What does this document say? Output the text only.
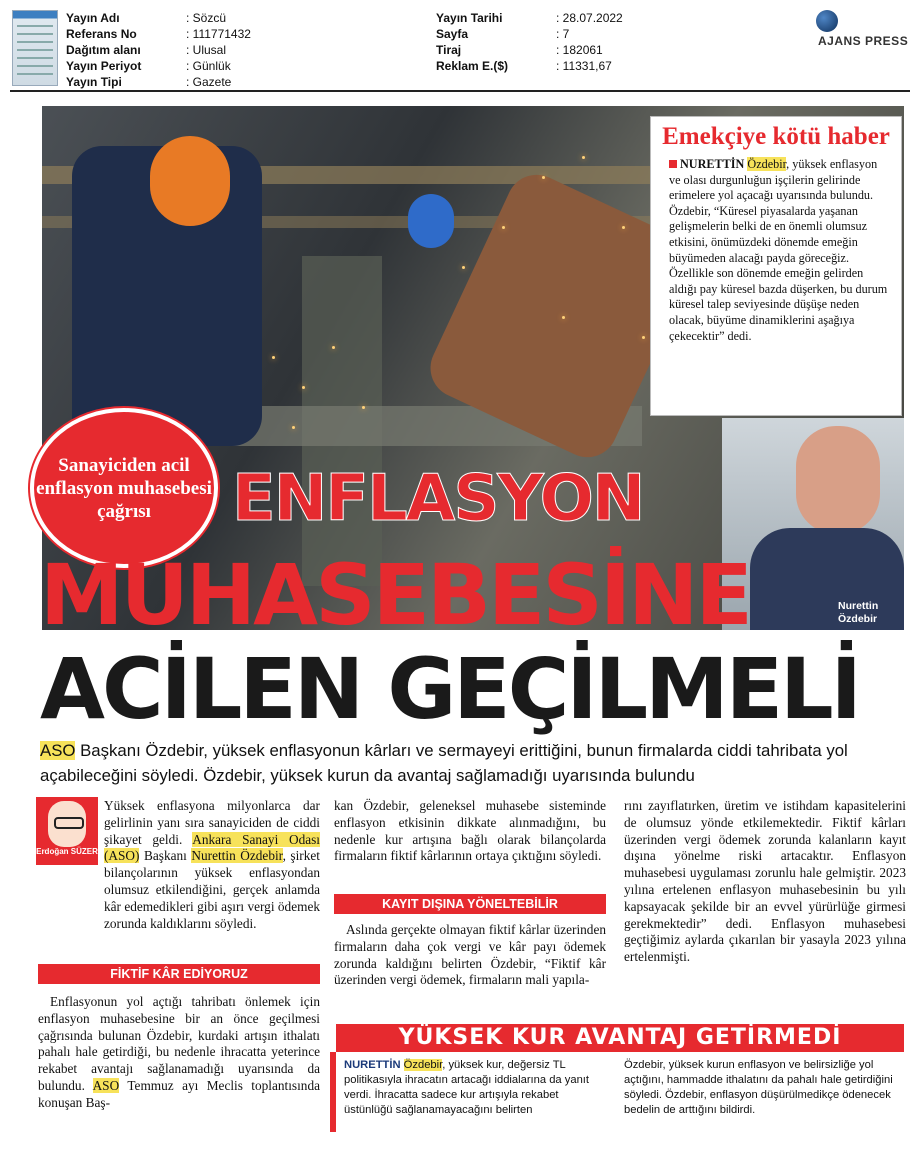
Yayın Adı	: Sözcü
Referans No	: 111771432
Dağıtım alanı	: Ulusal
Yayın Periyot	: Günlük
Yayın Tipi	: Gazete
Yayın Tarihi	: 28.07.2022
Sayfa	: 7
Tiraj	: 182061
Reklam E.($)	: 11331,67
AJANS PRESS
Emekçiye kötü haber

NURETTİN Özdebir, yüksek enflasyon ve olası durgunluğun işçilerin gelirinde erimelere yol açacağı uyarısında bulundu. Özdebir, “Küresel piyasalarda yaşanan gelişmelerin belki de en önemli olumsuz etkisini, önümüzdeki dönemde emeğin büyümeden alacağı payda göreceğiz. Özellikle son dönemde emeğin gelirden aldığı pay küresel bazda düşerken, bu durum küresel talep seviyesinde düşüşe neden olacak, büyüme dinamiklerini aşağıya çekecektir” dedi.

Sanayiciden acil enflasyon muhasebesi çağrısı
Nurettin Özdebir
ENFLASYON
MUHASEBESİNE
ACİLEN GEÇİLMELİ
ASO Başkanı Özdebir, yüksek enflasyonun kârları ve sermayeyi erittiğini, bunun firmalarda ciddi tahribata yol açabileceğini söyledi. Özdebir, yüksek kurun da avantaj sağlamadığı uyarısında bulundu
Erdoğan SÜZER
Yüksek enflasyona milyonlarca dar gelirlinin yanı sıra sanayiciden de ciddi şikayet geldi. Ankara Sanayi Odası (ASO) Başkanı Nurettin Özdebir, şirket bilançolarının yüksek enflasyondan olumsuz etkilendiğini, gerçek anlamda kâr edemedikleri gibi aşırı vergi ödemek zorunda kaldıklarını söyledi.
FİKTİF KÂR EDİYORUZ
Enflasyonun yol açtığı tahribatı önlemek için enflasyon muhasebesine bir an önce geçilmesi çağrısında bulunan Özdebir, kurdaki artışın ithalatı pahalı hale getirdiği, bu nedenle ihracatta yeterince rekabet avantajı sağlanamadığı uyarısında da bulundu. ASO Temmuz ayı Meclis toplantısında konuşan Baş-
kan Özdebir, geleneksel muhasebe sisteminde enflasyon etkisinin dikkate alınmadığını, bu nedenle kur artışına bağlı olarak bilançolarda firmaların fiktif kârlarının ortaya çıktığını söyledi.
KAYIT DIŞINA YÖNELTEBİLİR
Aslında gerçekte olmayan fiktif kârlar üzerinden firmaların daha çok vergi ve kâr payı ödemek zorunda kaldığını belirten Özdebir, “Fiktif kâr üzerinden vergi ödemek, firmaların mali yapıla-
rını zayıflatırken, üretim ve istihdam kapasitelerini de olumsuz yönde etkilemektedir. Fiktif kârları üzerinden vergi ödemek zorunda kalanların kayıt dışına yönelme riski artacaktır. Enflasyon muhasebesi uygulaması zorunlu hale gelmiştir. 2023 yılına ertelenen enflasyon muhasebesinin bu yılı kapsayacak şekilde bir an evvel yürürlüğe girmesi gerekmektedir” dedi. Enflasyon muhasebesi geçtiğimiz aylarda çıkarılan bir yasayla 2023 yılına ertelenmişti.
YÜKSEK KUR AVANTAJ GETİRMEDİ
NURETTİN Özdebir, yüksek kur, değersiz TL politikasıyla ihracatın artacağı iddialarına da yanıt verdi. İhracatta sadece kur artışıyla rekabet üstünlüğü sağlanamayacağını belirten
Özdebir, yüksek kurun enflasyon ve belirsizliğe yol açtığını, hammadde ithalatını da pahalı hale getirdiğini söyledi. Özdebir, enflasyon düşürülmedikçe ödenecek bedelin de arttığını bildirdi.
